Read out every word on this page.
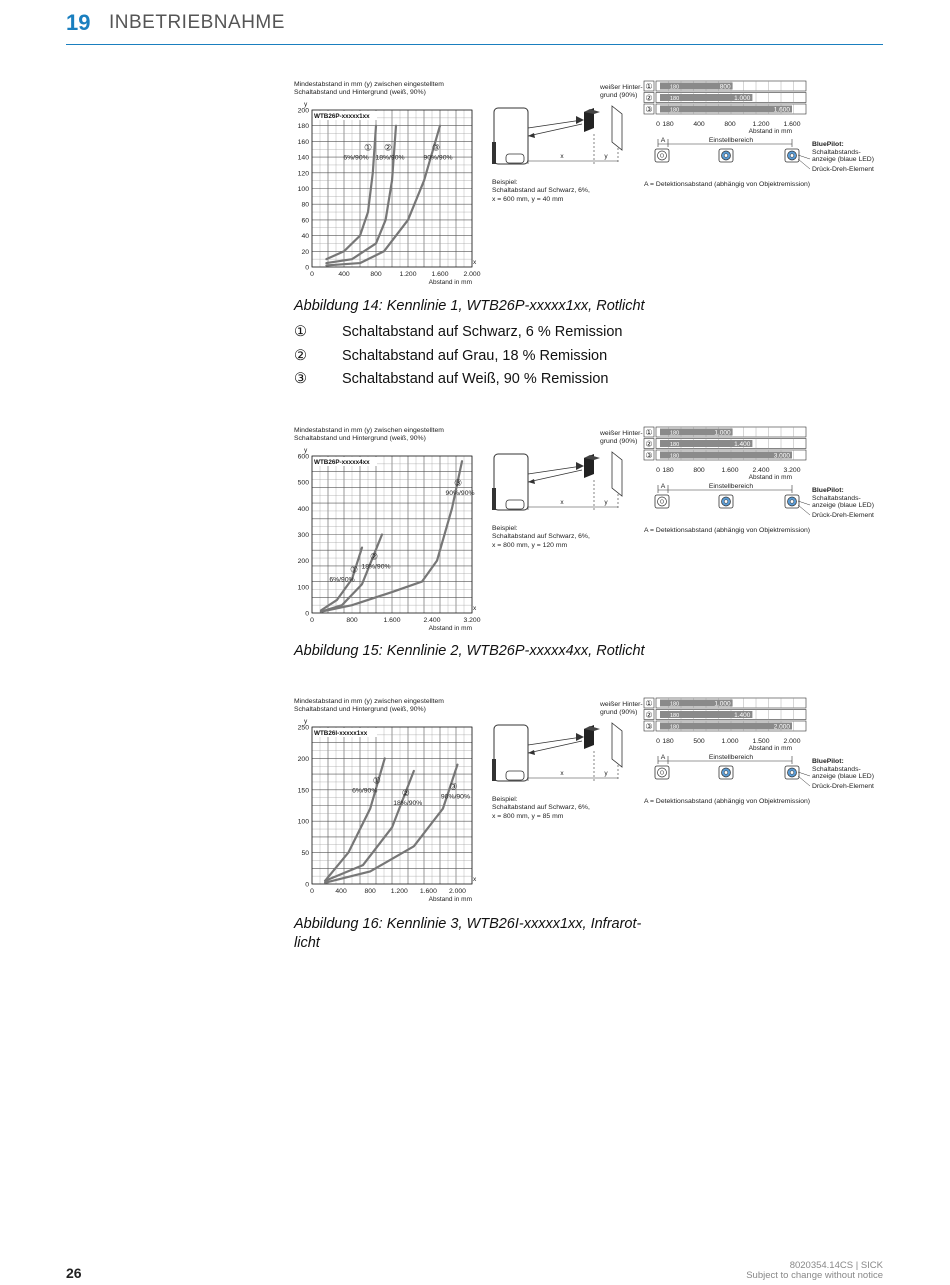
19 INBETRIEBNAHME
Mindestabstand in mm (y) zwischen eingestelltem
Schaltabstand und Hintergrund (weiß, 90%)
y
WTB26P-xxxxx1xx
0
20
40
60
80
100
120
140
160
180
200
0	400	800	1.200 1.600 2.000
x
Abstand in mm
①
6%/90%
②
18%/90%
③
90%/90%	x	y
weißer Hinter-
grund (90%)
Beispiel:
Schaltabstand auf Schwarz, 6%,
x = 600 mm, y = 40 mm
①	180	800
②	180	1.000
③	180	1.600
0 180	400	800 1.200 1.600
Abstand in mm
A	Einstellbereich
BluePilot:
Schaltabstands-
anzeige (blaue LED)
Drück-Dreh-Element
A = Detektionsabstand (abhängig von Objektremission)
Abbildung 14: Kennlinie 1, WTB26P-xxxxx1xx, Rotlicht
① Schaltabstand auf Schwarz, 6 % Remission
② Schaltabstand auf Grau, 18 % Remission
③ Schaltabstand auf Weiß, 90 % Remission
Mindestabstand in mm (y) zwischen eingestelltem
Schaltabstand und Hintergrund (weiß, 90%)
y
WTB26P-xxxxx4xx
0
100
200
300
400
500
600
0	800	1.600	2.400	3.200
x
Abstand in mm
①
6%/90%
②
18%/90%
③
90%/90%
x	y
weißer Hinter-
grund (90%)
Beispiel:
Schaltabstand auf Schwarz, 6%,
x = 800 mm, y = 120 mm
①	180	1.000
②	180	1.400
③	180	3.000
0 180	800 1.600 2.400 3.200
Abstand in mm
A	Einstellbereich
BluePilot:
Schaltabstands-
anzeige (blaue LED)
Drück-Dreh-Element
A = Detektionsabstand (abhängig von Objektremission)
Abbildung 15: Kennlinie 2, WTB26P-xxxxx4xx, Rotlicht
Mindestabstand in mm (y) zwischen eingestelltem
Schaltabstand und Hintergrund (weiß, 90%)
y
WTB26I-xxxxx1xx
0
50
100
150
200
250
0	400	800 1.200 1.600 2.000
x
Abstand in mm
①
6%/90%	②
18%/90%
③
90%/90%
x	y
weißer Hinter-
grund (90%)
Beispiel:
Schaltabstand auf Schwarz, 6%,
x = 800 mm, y = 85 mm
①	180	1.000
②	180	1.400
③	180	2.000
0 180	500 1.000 1.500 2.000
Abstand in mm
A	Einstellbereich
BluePilot:
Schaltabstands-
anzeige (blaue LED)
Drück-Dreh-Element
A = Detektionsabstand (abhängig von Objektremission)
Abbildung 16: Kennlinie 3, WTB26I-xxxxx1xx, Infrarot-
licht
26	8020354.14CS | SICK
Subject to change without notice
